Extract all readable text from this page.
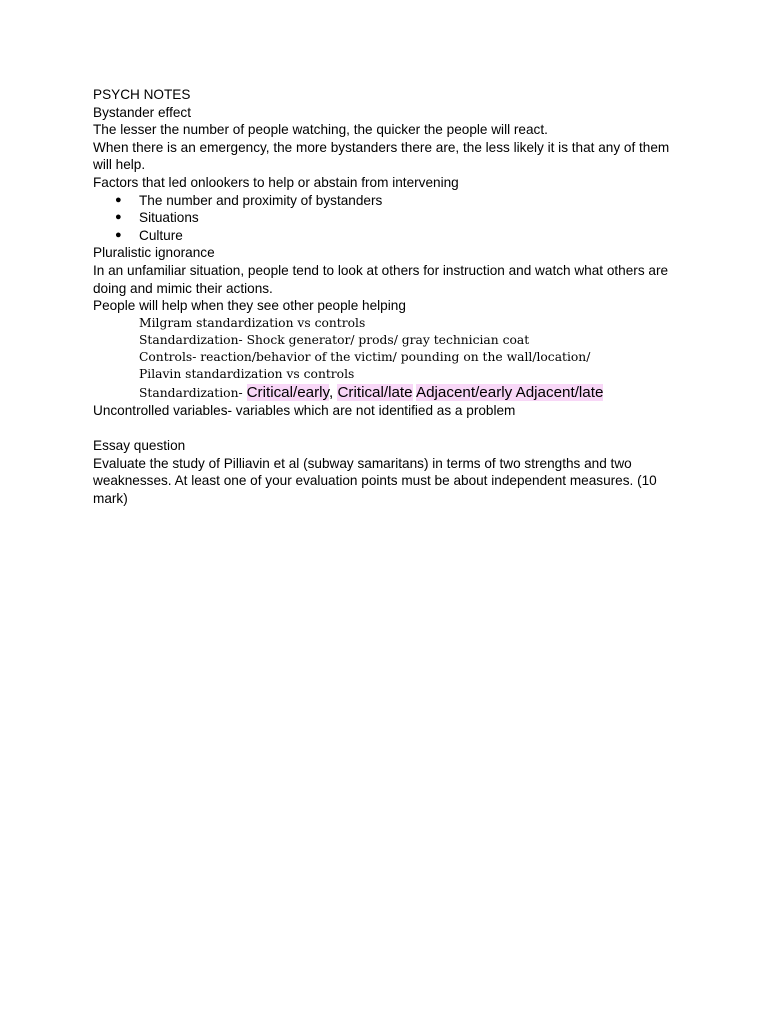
PSYCH NOTES
Bystander effect
The lesser the number of people watching, the quicker the people will react.
When there is an emergency, the more bystanders there are, the less likely it is that any of them will help.
Factors that led onlookers to help or abstain from intervening
● The number and proximity of bystanders
● Situations
● Culture
Pluralistic ignorance
In an unfamiliar situation, people tend to look at others for instruction and watch what others are doing and mimic their actions.
People will help when they see other people helping
Milgram standardization vs controls
Standardization- Shock generator/ prods/ gray technician coat
Controls- reaction/behavior of the victim/ pounding on the wall/location/
Pilavin standardization vs controls
Standardization- Critical/early, Critical/late Adjacent/early Adjacent/late
Uncontrolled variables- variables which are not identified as a problem
Essay question
Evaluate the study of Pilliavin et al (subway samaritans) in terms of two strengths and two weaknesses. At least one of your evaluation points must be about independent measures. (10 mark)
